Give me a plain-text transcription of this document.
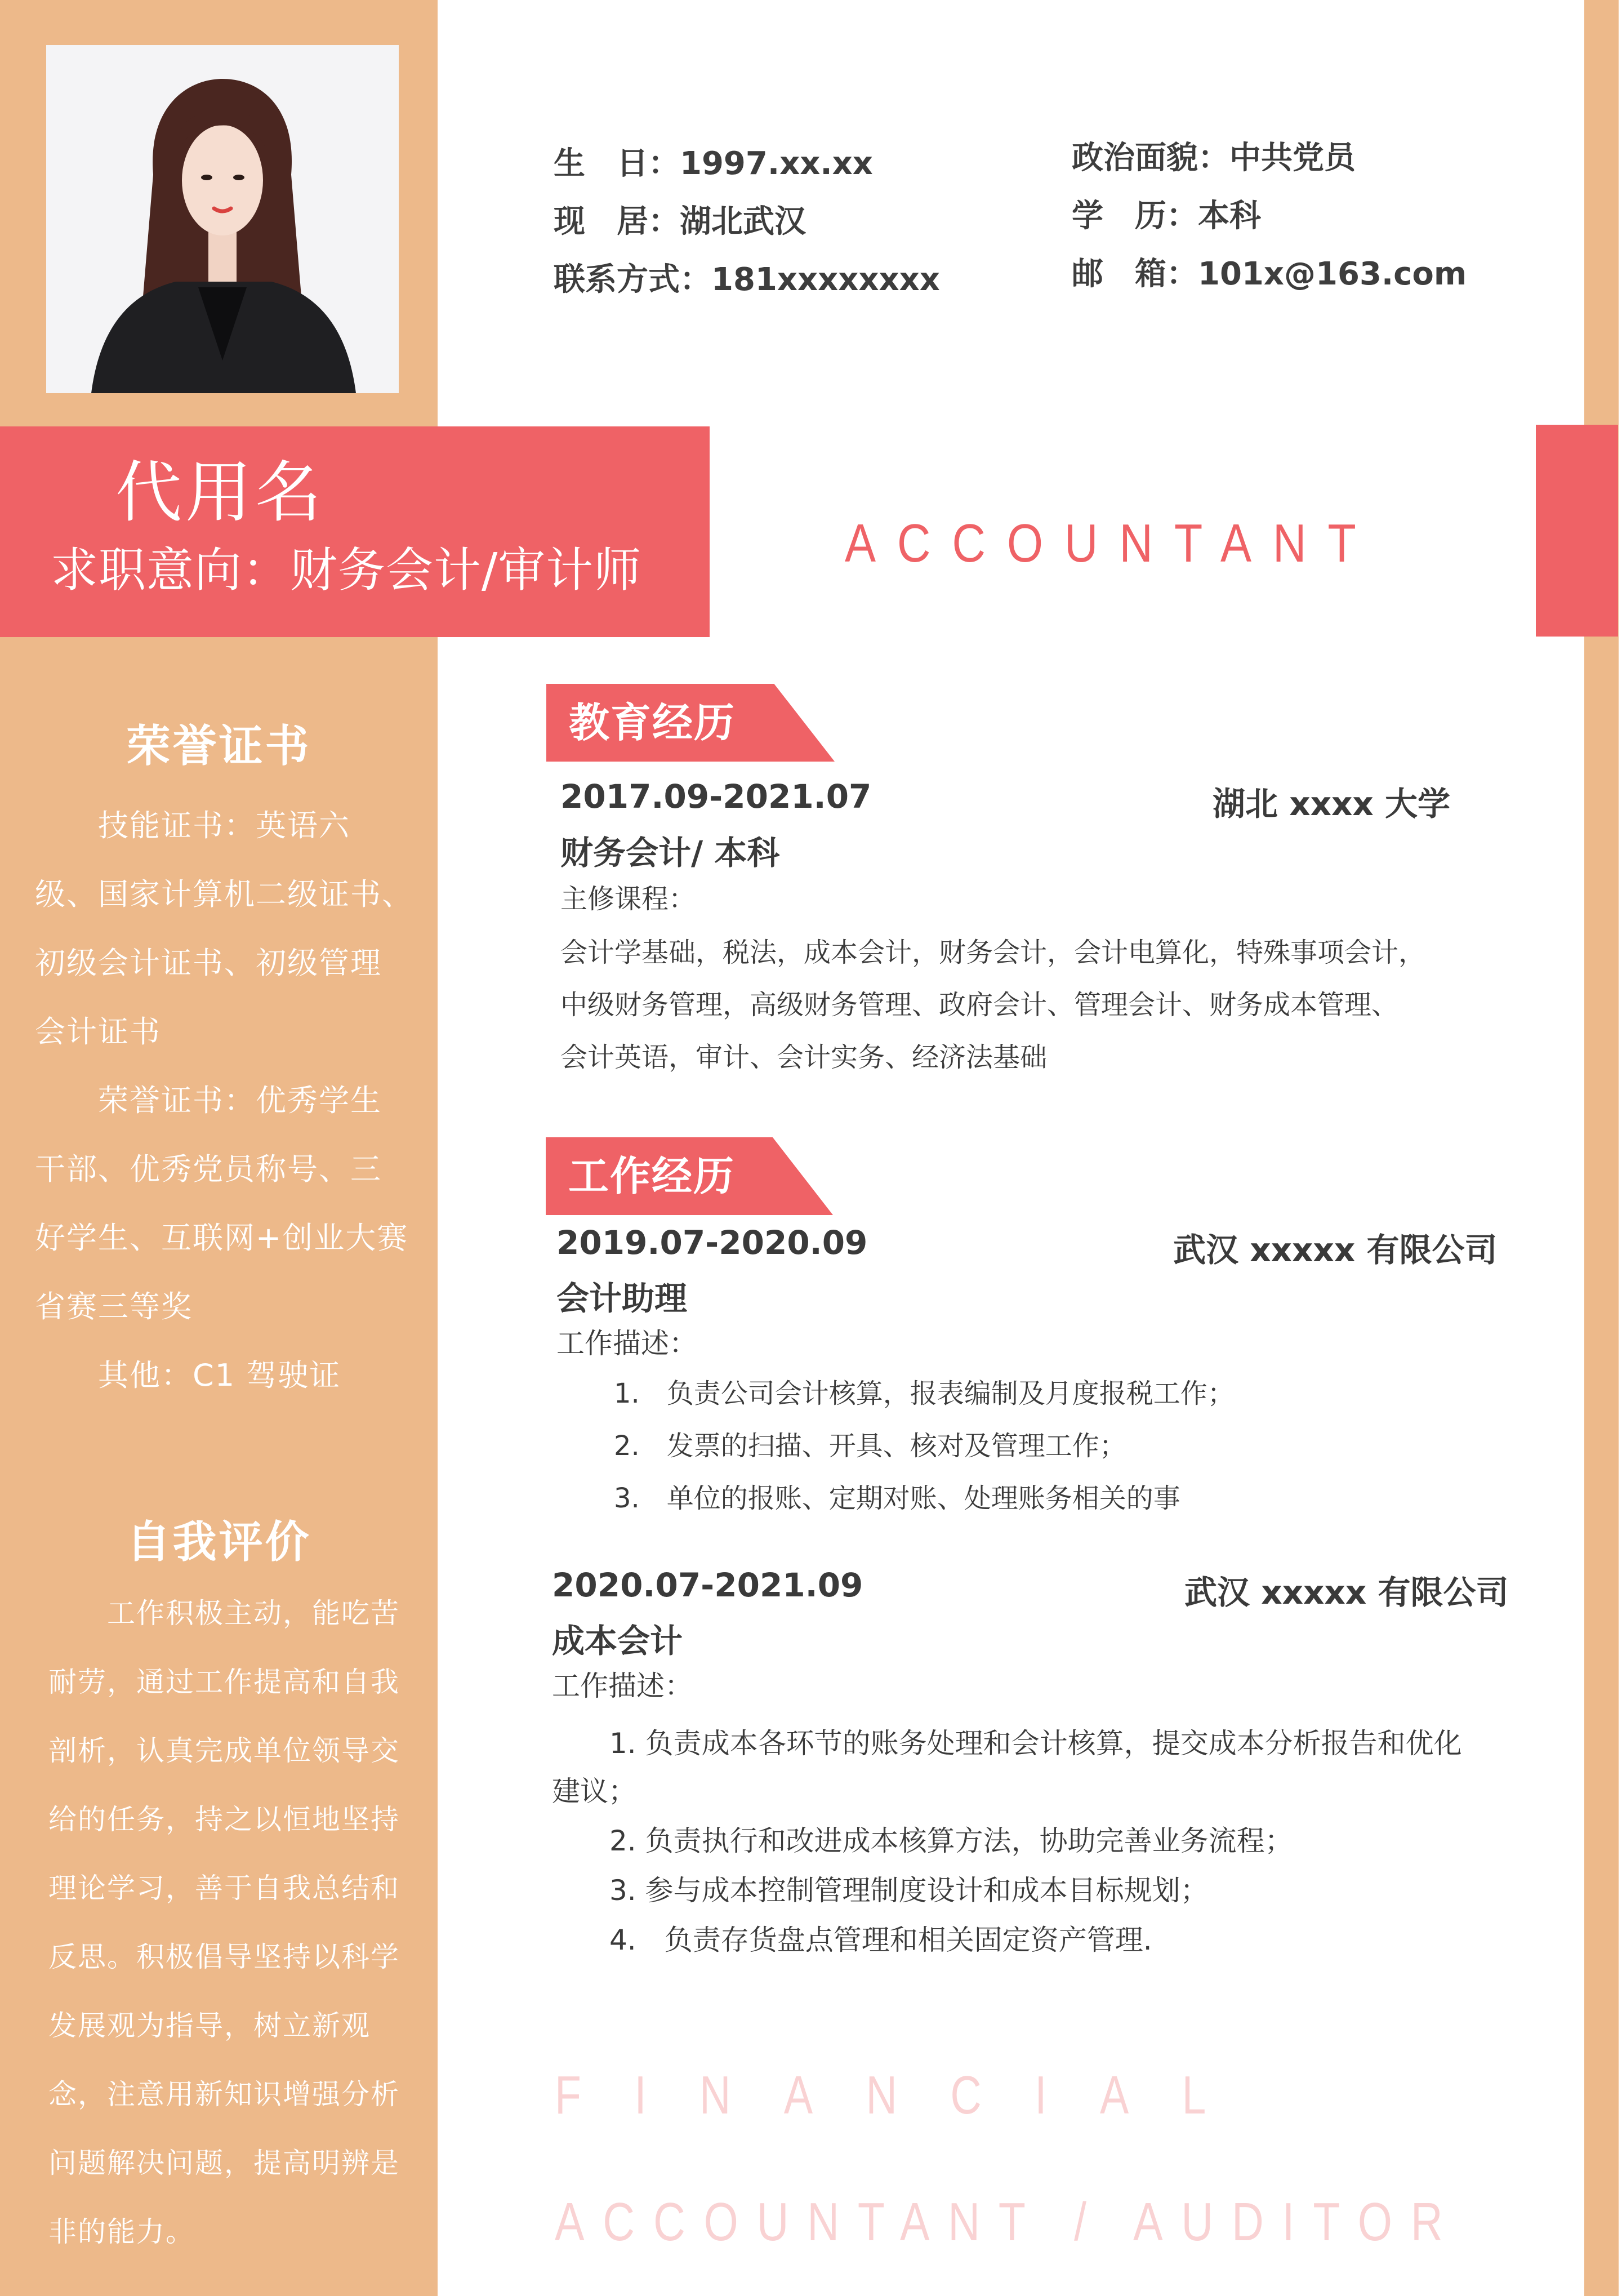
代用名
求职意向：财务会计/审计师
生　日：1997.xx.xx
现　居：湖北武汉
联系方式：181xxxxxxxx
政治面貌：中共党员
学　历：本科
邮　箱：101x@163.com
ACCOUNTANT
荣誉证书

　　技能证书：英语六

级、国家计算机二级证书、

初级会计证书、初级管理

会计证书

　　荣誉证书：优秀学生

干部、优秀党员称号、三

好学生、互联网+创业大赛

省赛三等奖

　　其他：C1 驾驶证

自我评价

　　工作积极主动，能吃苦

耐劳，通过工作提高和自我

剖析，认真完成单位领导交

给的任务，持之以恒地坚持

理论学习，善于自我总结和

反思。积极倡导坚持以科学

发展观为指导，树立新观

念，注意用新知识增强分析

问题解决问题，提高明辨是

非的能力。

教育经历
2017.09-2021.07	湖北 xxxx 大学
财务会计/ 本科
主修课程：
会计学基础，税法，成本会计，财务会计，会计电算化，特殊事项会计，
中级财务管理，高级财务管理、政府会计、管理会计、财务成本管理、
会计英语，审计、会计实务、经济法基础
工作经历
2019.07-2020.09	武汉 xxxxx 有限公司
会计助理
工作描述：
1.　负责公司会计核算，报表编制及月度报税工作；
2.　发票的扫描、开具、核对及管理工作；
3.　单位的报账、定期对账、处理账务相关的事
2020.07-2021.09	武汉 xxxxx 有限公司
成本会计
工作描述：
1. 负责成本各环节的账务处理和会计核算，提交成本分析报告和优化
建议；
2. 负责执行和改进成本核算方法，协助完善业务流程；
3. 参与成本控制管理制度设计和成本目标规划；
4.　负责存货盘点管理和相关固定资产管理.
FINANCIAL
ACCOUNTANT / AUDITOR
